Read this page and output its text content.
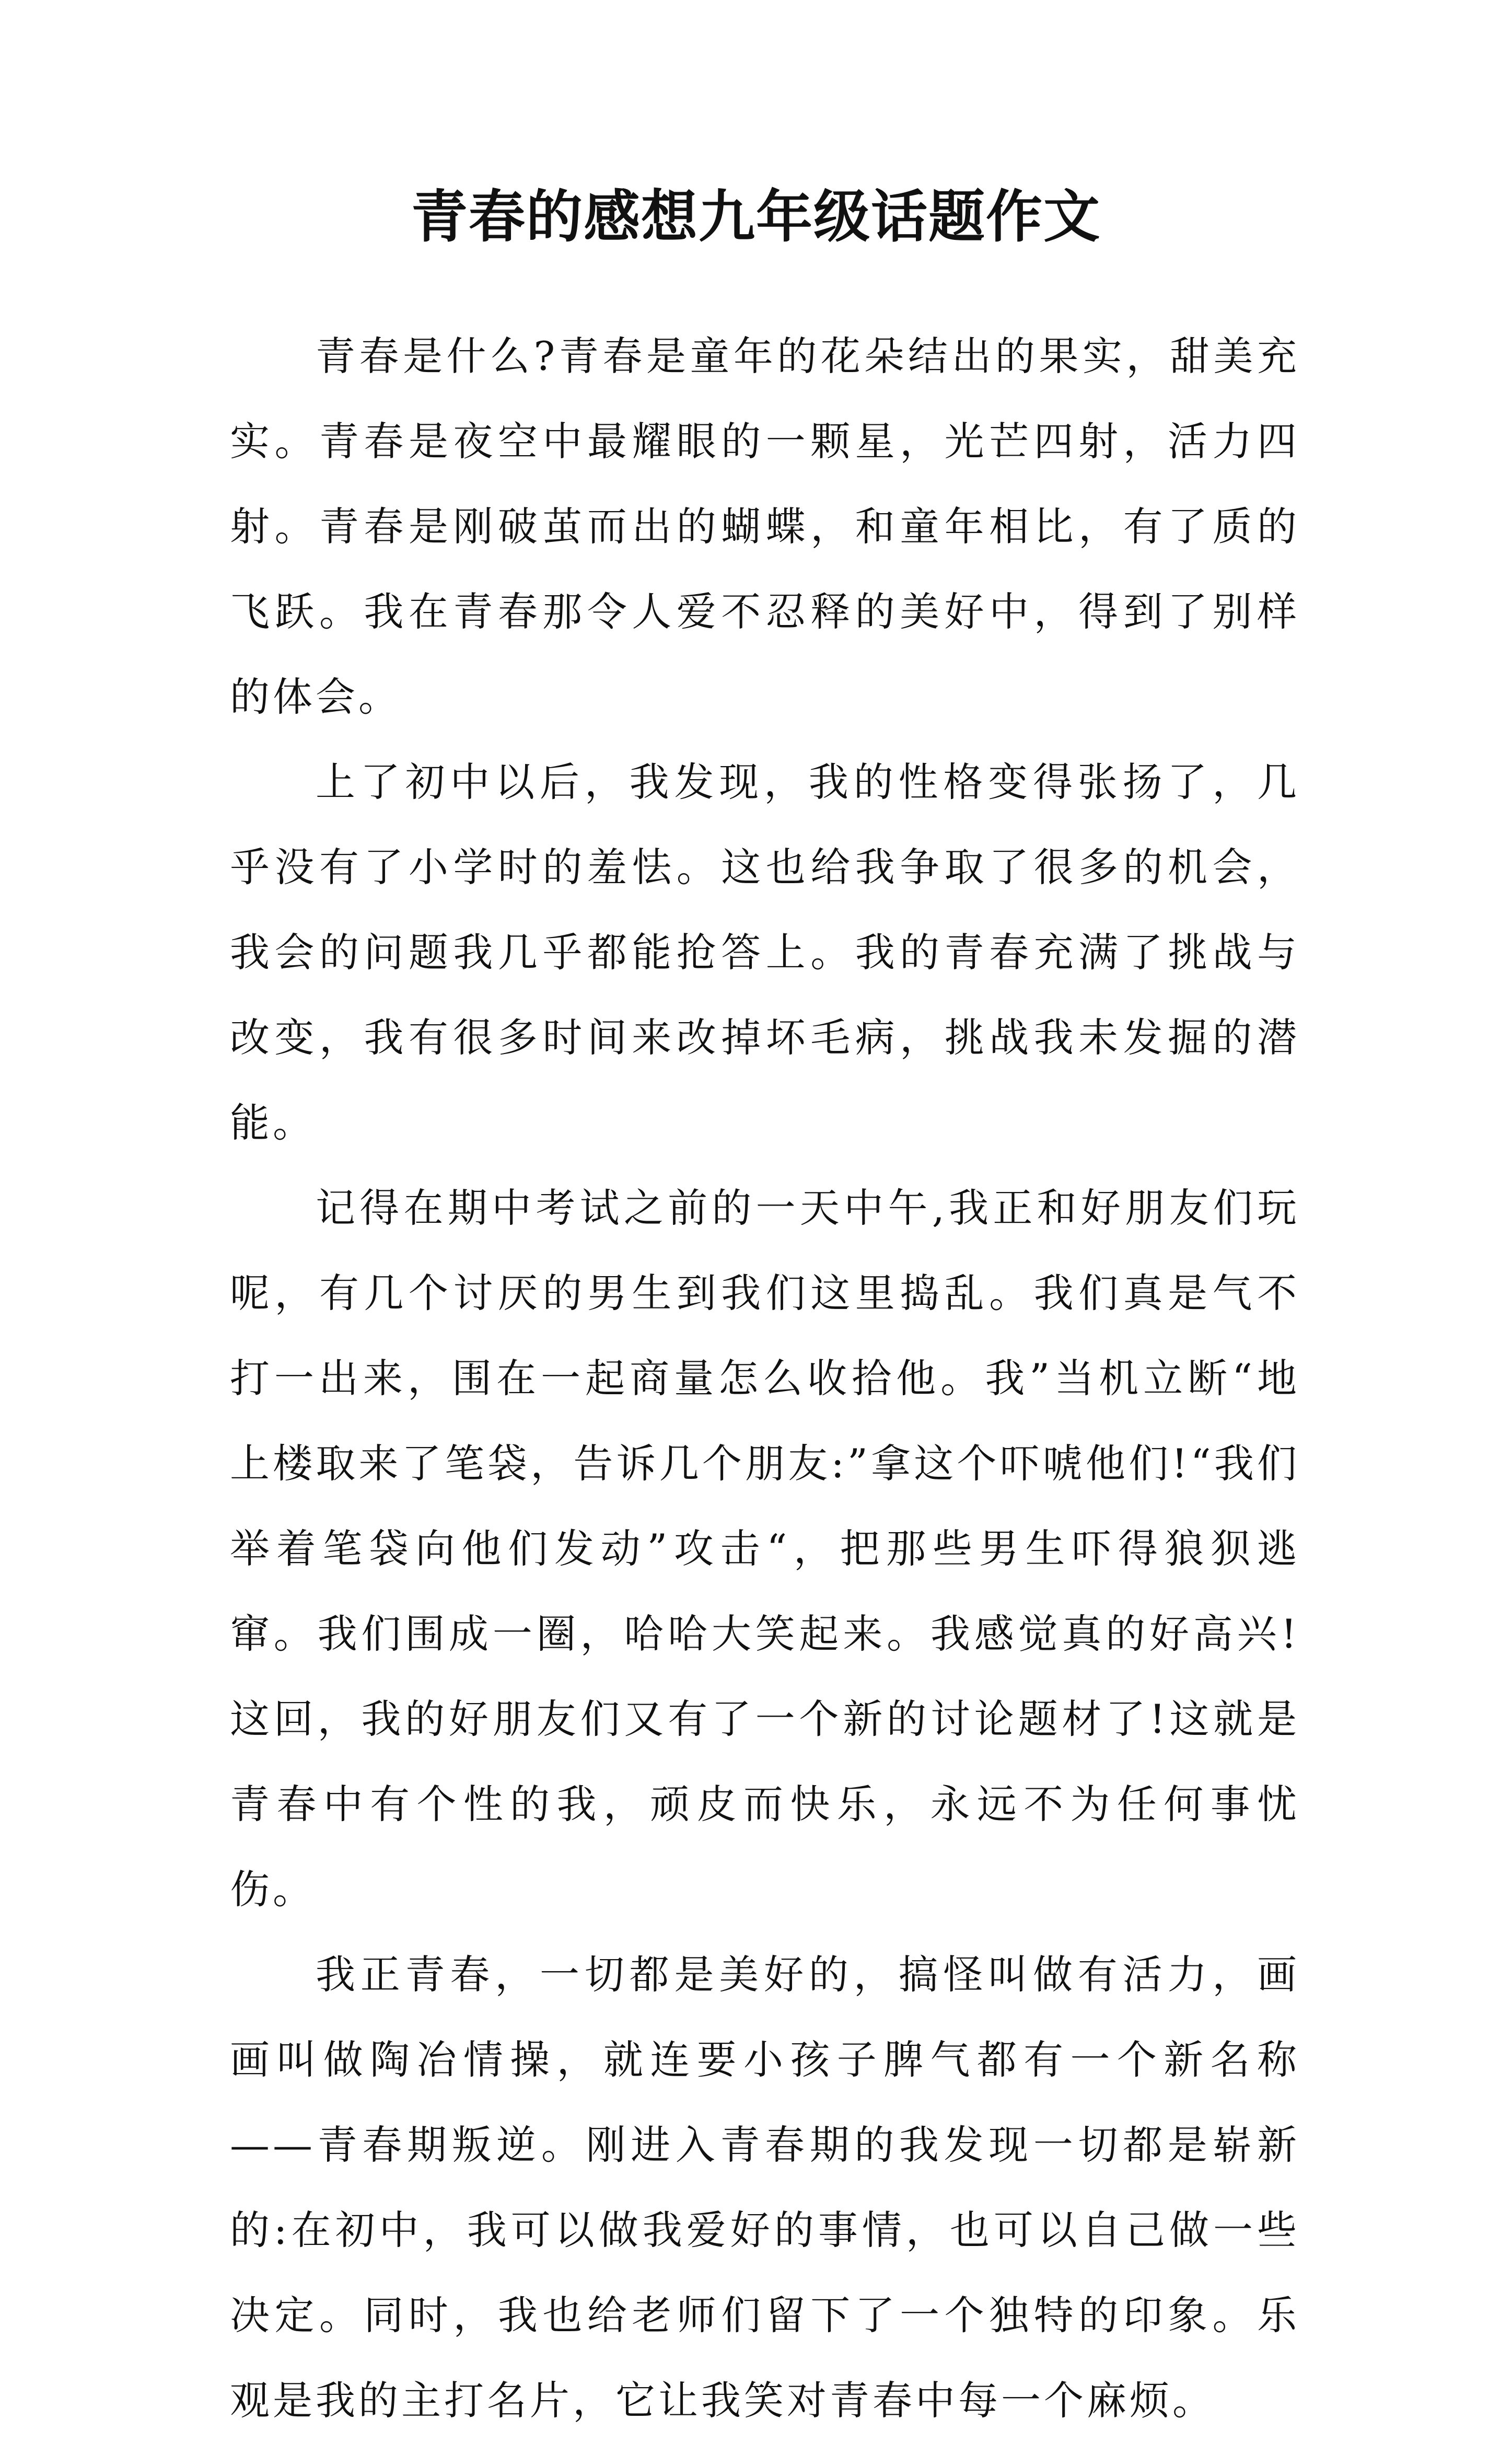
青春的感想九年级话题作文

青春是什么?青春是童年的花朵结出的果实，甜美充实。青春是夜空中最耀眼的一颗星，光芒四射，活力四射。青春是刚破茧而出的蝴蝶，和童年相比，有了质的飞跃。我在青春那令人爱不忍释的美好中，得到了别样的体会。

上了初中以后，我发现，我的性格变得张扬了，几乎没有了小学时的羞怯。这也给我争取了很多的机会，我会的问题我几乎都能抢答上。我的青春充满了挑战与改变，我有很多时间来改掉坏毛病，挑战我未发掘的潜能。

记得在期中考试之前的一天中午,我正和好朋友们玩呢，有几个讨厌的男生到我们这里捣乱。我们真是气不打一出来，围在一起商量怎么收拾他。我”当机立断“地上楼取来了笔袋，告诉几个朋友:”拿这个吓唬他们!“我们举着笔袋向他们发动”攻击“，把那些男生吓得狼狈逃窜。我们围成一圈，哈哈大笑起来。我感觉真的好高兴!这回，我的好朋友们又有了一个新的讨论题材了!这就是青春中有个性的我，顽皮而快乐，永远不为任何事忧伤。

我正青春，一切都是美好的，搞怪叫做有活力，画画叫做陶冶情操，就连要小孩子脾气都有一个新名称——青春期叛逆。刚进入青春期的我发现一切都是崭新的:在初中，我可以做我爱好的事情，也可以自己做一些决定。同时，我也给老师们留下了一个独特的印象。乐观是我的主打名片，它让我笑对青春中每一个麻烦。
